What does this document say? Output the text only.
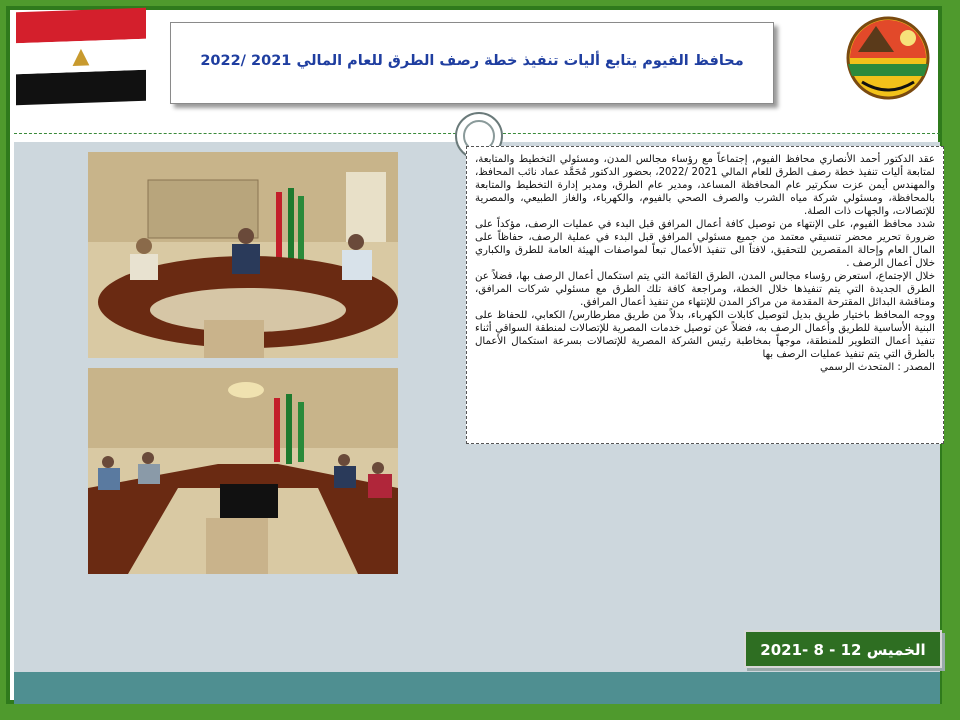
▲	محافظ الفيوم يتابع أليات تنفيذ خطة رصف الطرق للعام المالي 2021 /2022

عقد الدكتور أحمد الأنصاري محافظ الفيوم, إجتماعاً مع رؤساء مجالس المدن، ومسئولي التخطيط والمتابعة، لمتابعة أليات تنفيذ خطة رصف الطرق للعام المالي 2021 /2022، بحضور الدكتور مُحَمَّد عماد نائب المحافظ، والمهندس أيمن عزت سكرتير عام المحافظة المساعد، ومدير عام الطرق، ومدير إدارة التخطيط والمتابعة بالمحافظة، ومسئولي شركة مياه الشرب والصرف الصحي بالفيوم، والكهرباء، والغاز الطبيعي، والمصرية للإتصالات، والجهات ذات الصلة.

شدد محافظ الفيوم، على الإنتهاء من توصيل كافة أعمال المرافق قبل البدء في عمليات الرصف، مؤكداً على ضرورة تحرير محضر تنسيقي معتمد من جميع مسئولي المرافق قبل البدء في عملية الرصف، حفاظاً على المال العام وإحالة المقصرين للتحقيق، لافتاً الى تنفيذ الأعمال تبعاً لمواصفات الهيئة العامة للطرق والكباري خلال أعمال الرصف .

خلال الإجتماع، استعرض رؤساء مجالس المدن، الطرق القائمة التي يتم استكمال أعمال الرصف بها، فضلاً عن الطرق الجديدة التي يتم تنفيذها خلال الخطة، ومراجعة كافة تلك الطرق مع مسئولي شركات المرافق، ومناقشة البدائل المقترحة المقدمة من مراكز المدن للإنتهاء من تنفيذ أعمال المرافق.

ووجه المحافظ باختيار طريق بديل لتوصيل كابلات الكهرباء، بدلاً من طريق مطرطارس/ الكعابي، للحفاظ على البنية الأساسية للطريق وأعمال الرصف به، فضلاً عن توصيل خدمات المصرية للإتصالات لمنطقة السواقي أثناء تنفيذ أعمال التطوير للمنطقة، موجهاً بمخاطبة رئيس الشركة المصرية للإتصالات بسرعة استكمال الأعمال بالطرق التي يتم تنفيذ عمليات الرصف بها

المصدر : المتحدث الرسمي

الخميس 12 - 8 -2021
